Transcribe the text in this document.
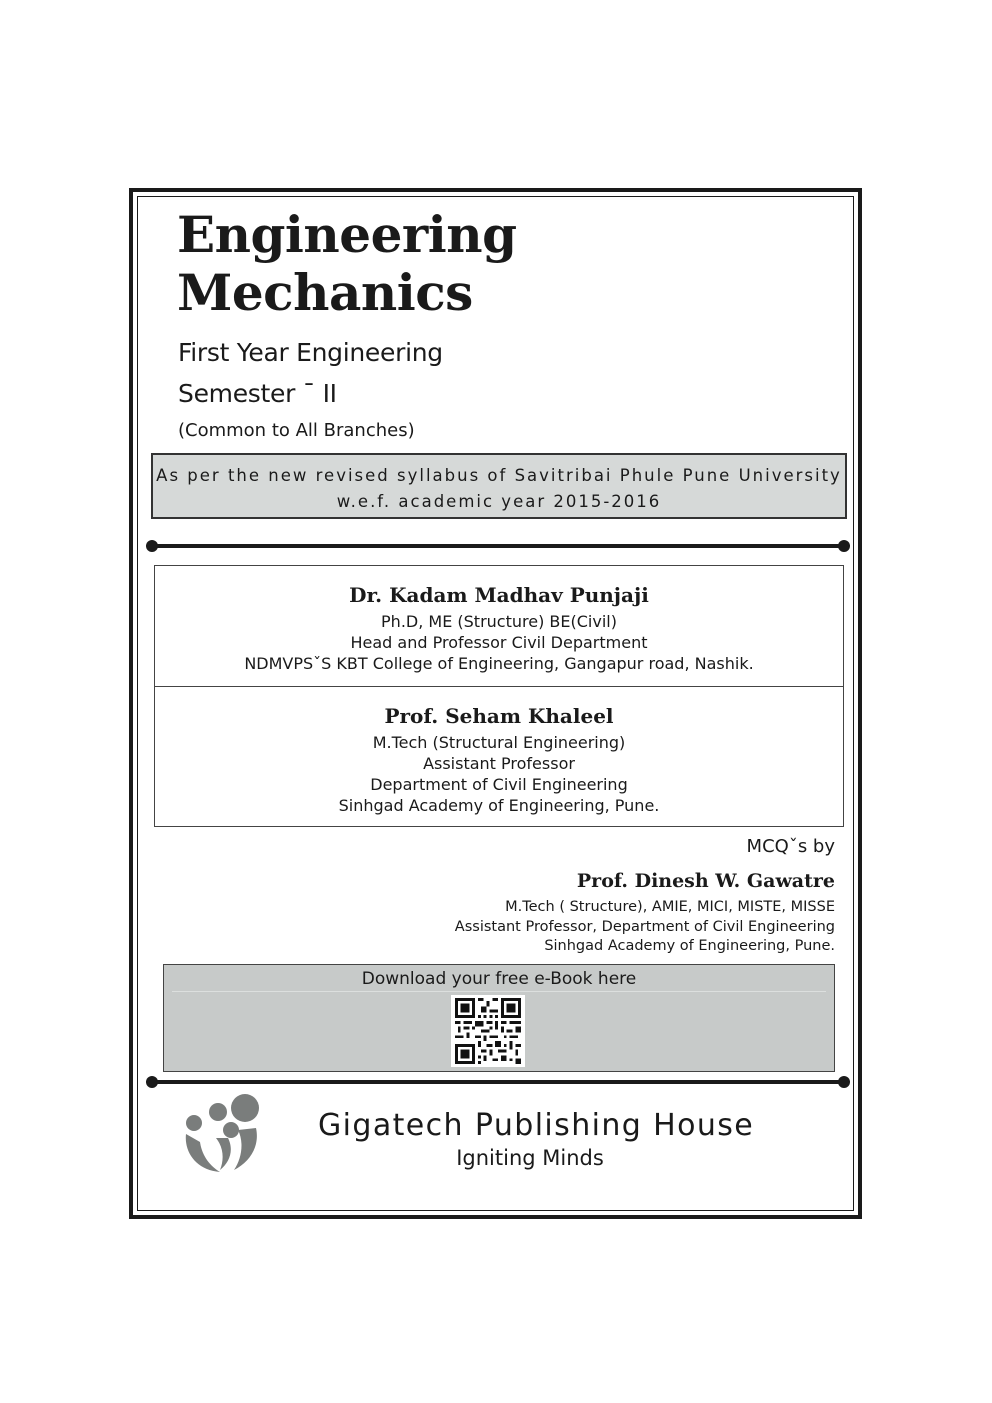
Engineering
Mechanics
First Year Engineering
Semester ¯ II
(Common to All Branches)
As per the new revised syllabus of Savitribai Phule Pune University
w.e.f. academic year 2015-2016
Dr. Kadam Madhav Punjaji
Ph.D, ME (Structure) BE(Civil)
Head and Professor Civil Department
NDMVPSˇS KBT College of Engineering, Gangapur road, Nashik.
Prof. Seham Khaleel
M.Tech (Structural Engineering)
Assistant Professor
Department of Civil Engineering
Sinhgad Academy of Engineering, Pune.
MCQˇs by
Prof. Dinesh W. Gawatre
M.Tech ( Structure), AMIE, MICI, MISTE, MISSE
Assistant Professor, Department of Civil Engineering
Sinhgad Academy of Engineering, Pune.
Download your free e-Book here
Gigatech Publishing House
Igniting Minds
